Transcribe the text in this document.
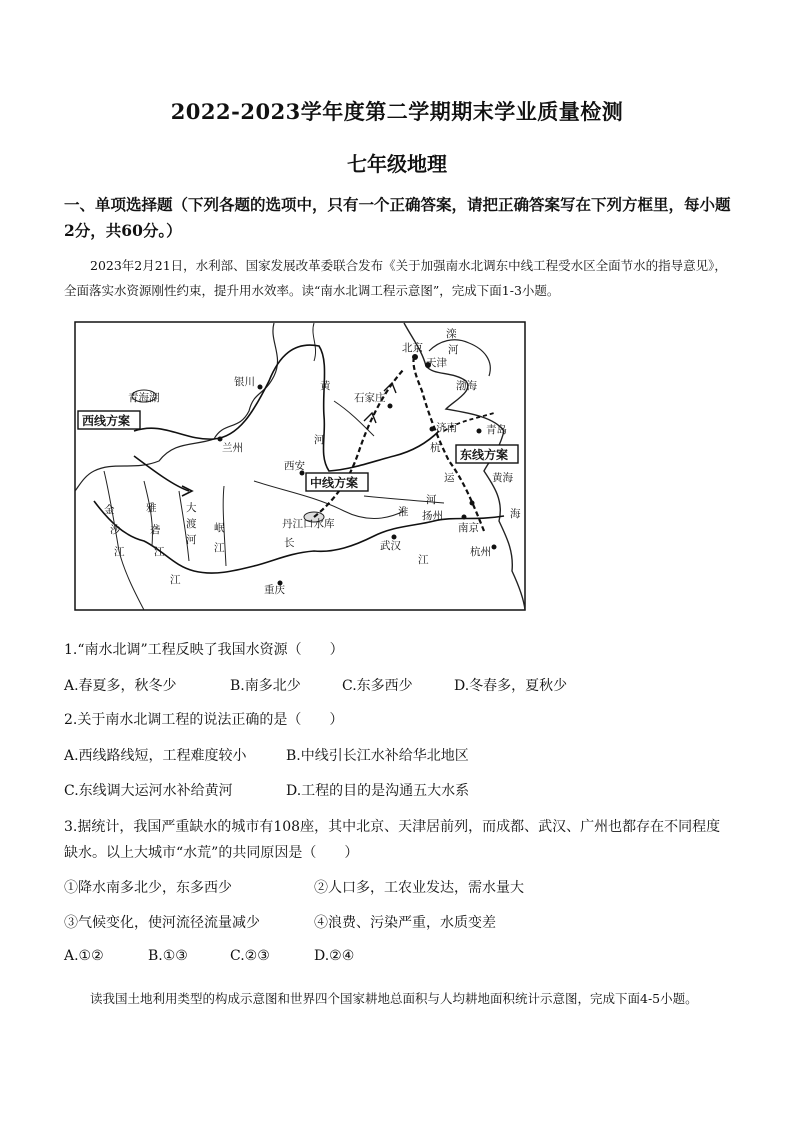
2022-2023学年度第二学期期末学业质量检测
七年级地理
一、单项选择题（下列各题的选项中，只有一个正确答案，请把正确答案写在下列方框里，每小题2分，共60分。）
2023年2月21日，水利部、国家发展改革委联合发布《关于加强南水北调东中线工程受水区全面节水的指导意见》，全面落实水资源刚性约束，提升用水效率。读“南水北调工程示意图”，完成下面1-3小题。
青海湖
银川
兰州
西安
北京
天津
石家庄
济南	青岛
渤海
黄海
滦
河
黄
河
杭
运
河
淮 扬州
南京
杭州
海
武汉
丹江口水库
重庆
长
江
金
沙
江
雅
砻
江
大
渡
河
岷
江
江
西线方案
中线方案
东线方案
1.“南水北调”工程反映了我国水资源（　　）
A.春夏多，秋冬少	B.南多北少	C.东多西少	D.冬春多，夏秋少
2.关于南水北调工程的说法正确的是（　　）
A.西线路线短，工程难度较小	B.中线引长江水补给华北地区
C.东线调大运河水补给黄河	D.工程的目的是沟通五大水系
3.据统计，我国严重缺水的城市有108座，其中北京、天津居前列，而成都、武汉、广州也都存在不同程度缺水。以上大城市“水荒”的共同原因是（　　）
①降水南多北少，东多西少	②人口多，工农业发达，需水量大
③气候变化，使河流径流量减少	④浪费、污染严重，水质变差
A.①②	B.①③	C.②③	D.②④
读我国土地利用类型的构成示意图和世界四个国家耕地总面积与人均耕地面积统计示意图，完成下面4-5小题。
